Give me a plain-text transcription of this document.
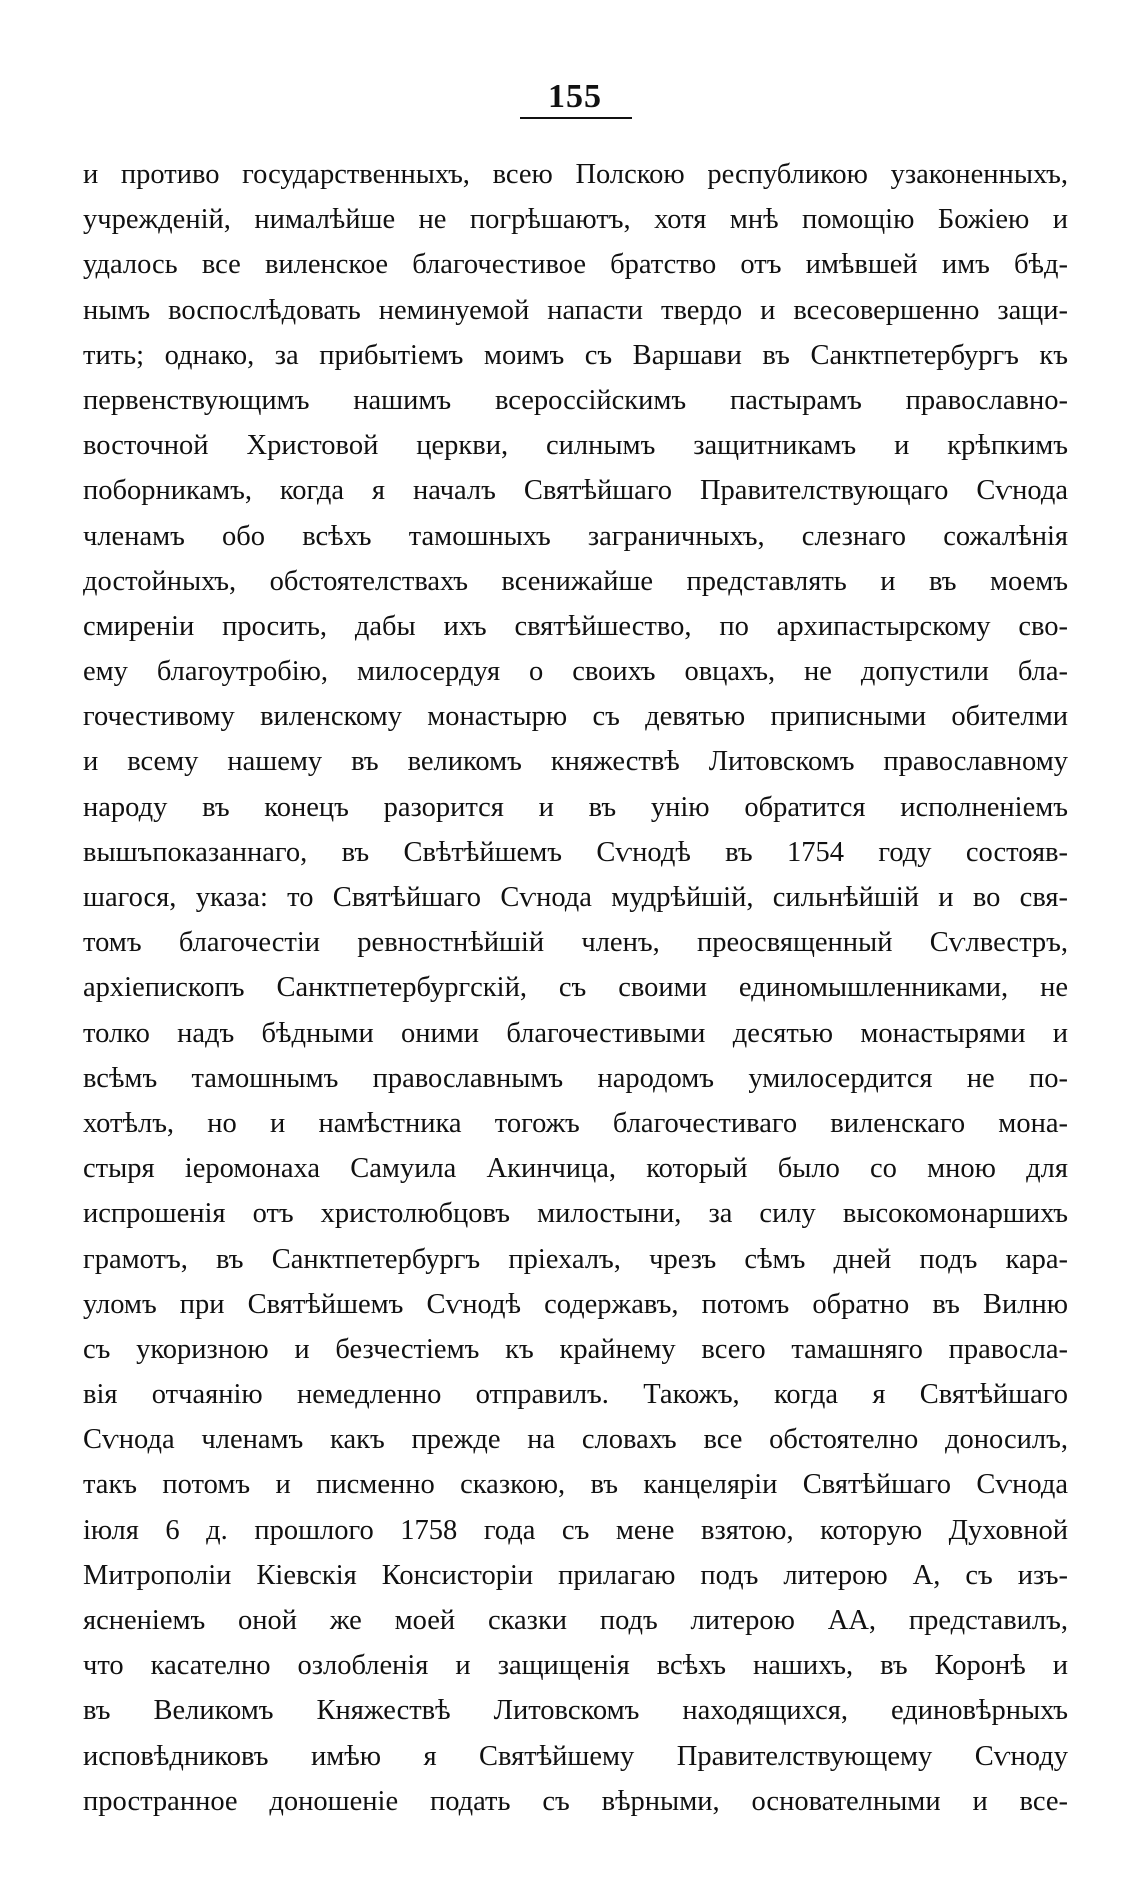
155
и противо государственныхъ, всею Полскою республикою узаконенныхъ,
учрежденій, нималѣйше не погрѣшаютъ, хотя мнѣ помощію Божіею и
удалось все виленское благочестивое братство отъ имѣвшей имъ бѣд-
нымъ воспослѣдовать неминуемой напасти твердо и всесовершенно защи-
тить; однако, за прибытіемъ моимъ съ Варшави въ Санктпетербургъ къ
первенствующимъ нашимъ всероссійскимъ пастырамъ православно-
восточной Христовой церкви, силнымъ защитникамъ и крѣпкимъ
поборникамъ, когда я началъ Святѣйшаго Правителствующаго Сѵнода
членамъ обо всѣхъ тамошныхъ заграничныхъ, слезнаго сожалѣнія
достойныхъ, обстоятелствахъ всенижайше представлять и въ моемъ
смиреніи просить, дабы ихъ святѣйшество, по архипастырскому сво-
ему благоутробію, милосердуя о своихъ овцахъ, не допустили бла-
гочестивому виленскому монастырю съ девятью приписными обителми
и всему нашему въ великомъ княжествѣ Литовскомъ православному
народу въ конецъ разорится и въ унію обратится исполненіемъ
вышъпоказаннаго, въ Свѣтѣйшемъ Сѵнодѣ въ 1754 году состояв-
шагося, указа: то Святѣйшаго Сѵнода мудрѣйшій, сильнѣйшій и во свя-
томъ благочестіи ревностнѣйшій членъ, преосвященный Сѵлвестръ,
архіепископъ Санктпетербургскій, съ своими единомышленниками, не
толко надъ бѣдными оними благочестивыми десятью монастырями и
всѣмъ тамошнымъ православнымъ народомъ умилосердится не по-
хотѣлъ, но и намѣстника тогожъ благочестиваго виленскаго мона-
стыря іеромонаха Самуила Акинчица, который было со мною для
испрошенія отъ христолюбцовъ милостыни, за силу высокомонаршихъ
грамотъ, въ Санктпетербургъ пріехалъ, чрезъ сѣмъ дней подъ кара-
уломъ при Святѣйшемъ Сѵнодѣ содержавъ, потомъ обратно въ Вилню
съ укоризною и безчестіемъ къ крайнему всего тамашняго правосла-
вія отчаянію немедленно отправилъ. Такожъ, когда я Святѣйшаго
Сѵнода членамъ какъ прежде на словахъ все обстоятелно доносилъ,
такъ потомъ и писменно сказкою, въ канцеляріи Святѣйшаго Сѵнода
іюля 6 д. прошлого 1758 года съ мене взятою, которую Духовной
Митрополіи Кіевскія Консисторіи прилагаю подъ литерою А, съ изъ-
ясненіемъ оной же моей сказки подъ литерою АА, представилъ,
что касателно озлобленія и защищенія всѣхъ нашихъ, въ Коронѣ и
въ Великомъ Княжествѣ Литовскомъ находящихся, единовѣрныхъ
исповѣдниковъ имѣю я Святѣйшему Правителствующему Сѵноду
пространное доношеніе подать съ вѣрными, основателными и все-
